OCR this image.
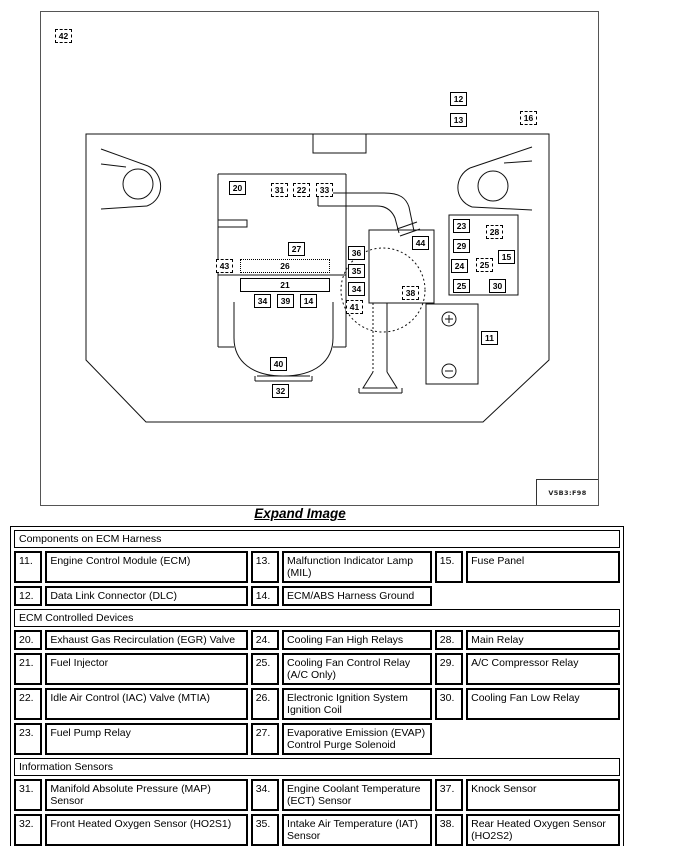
42
12
13	16
20	31	22	33
27
43	26
21
34	39	14
36
35
34
41
44
38
40
32
11
23
28
29
15
24	25
25	30
V5B3:F98
Expand Image
Components on ECM Harness					
11.	Engine Control Module (ECM)	13.	Malfunction Indicator Lamp (MIL)	15.	Fuse Panel
12.	Data Link Connector (DLC)	14.	ECM/ABS Harness Ground		
ECM Controlled Devices					
20.	Exhaust Gas Recirculation (EGR) Valve	24.	Cooling Fan High Relays	28.	Main Relay
21.	Fuel Injector	25.	Cooling Fan Control Relay (A/C Only)	29.	A/C Compressor Relay
22.	Idle Air Control (IAC) Valve (MTIA)	26.	Electronic Ignition System Ignition Coil	30.	Cooling Fan Low Relay
23.	Fuel Pump Relay	27.	Evaporative Emission (EVAP) Control Purge Solenoid		
Information Sensors					
31.	Manifold Absolute Pressure (MAP) Sensor	34.	Engine Coolant Temperature (ECT) Sensor	37.	Knock Sensor
32.	Front Heated Oxygen Sensor (HO2S1)	35.	Intake Air Temperature (IAT) Sensor	38.	Rear Heated Oxygen Sensor (HO2S2)
